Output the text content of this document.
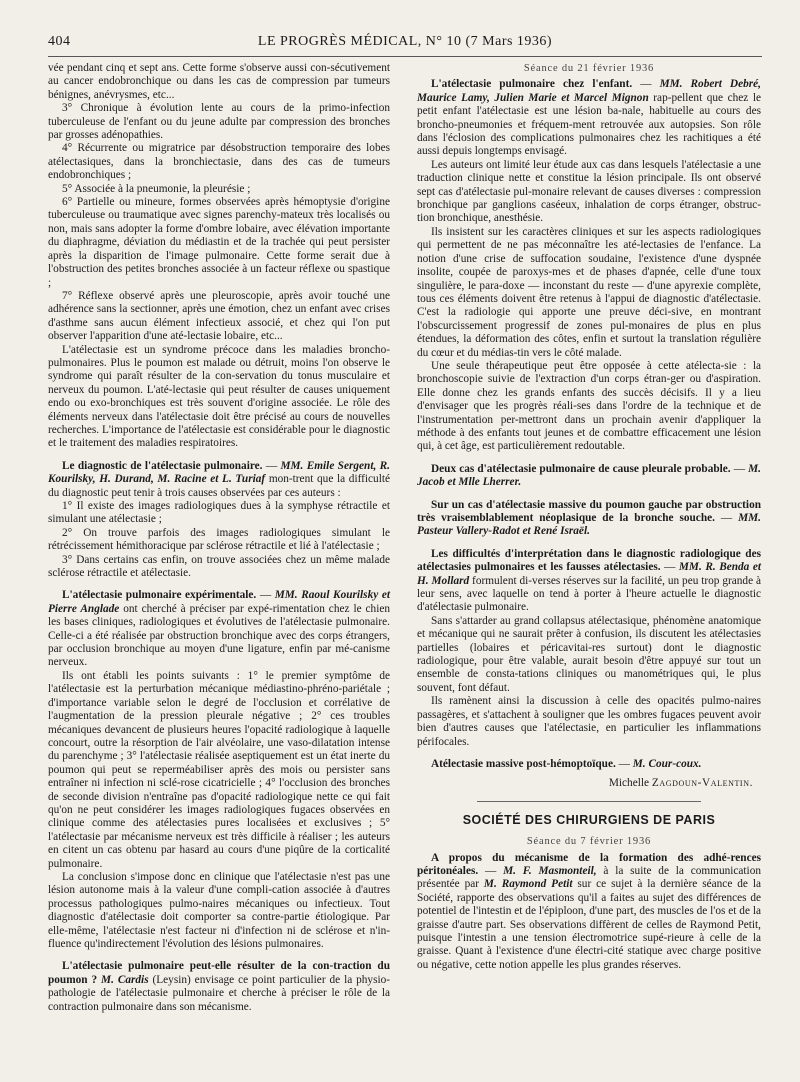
404	LE PROGRÈS MÉDICAL, N° 10 (7 Mars 1936)

vée pendant cinq et sept ans. Cette forme s'observe aussi con-sécutivement au cancer endobronchique ou dans les cas de compression par tumeurs bénignes, anévrysmes, etc...

3° Chronique à évolution lente au cours de la primo-infection tuberculeuse de l'enfant ou du jeune adulte par compression des bronches par grosses adénopathies.

4° Récurrente ou migratrice par désobstruction temporaire des lobes atélectasiques, dans la bronchiectasie, dans des cas de tumeurs endobronchiques ;

5° Associée à la pneumonie, la pleurésie ;

6° Partielle ou mineure, formes observées après hémoptysie d'origine tuberculeuse ou traumatique avec signes parenchy-mateux très localisés ou non, mais sans adopter la forme d'ombre lobaire, avec élévation importante du diaphragme, déviation du médiastin et de la trachée qui peut persister après la disparition de l'image pulmonaire. Cette forme serait due à l'obstruction des petites bronches associée à un facteur réflexe ou spastique ;

7° Réflexe observé après une pleuroscopie, après avoir touché une adhérence sans la sectionner, après une émotion, chez un enfant avec crises d'asthme sans aucun élément infectieux associé, et chez qui l'on put observer l'apparition d'une até-lectasie lobaire, etc...

L'atélectasie est un syndrome précoce dans les maladies broncho-pulmonaires. Plus le poumon est malade ou détruit, moins l'on observe le syndrome qui paraît résulter de la con-servation du tonus musculaire et nerveux du poumon. L'até-lectasie qui peut résulter de causes uniquement endo ou exo-bronchiques est très souvent d'origine associée. Le rôle des éléments nerveux dans l'atélectasie doit être précisé au cours de nouvelles recherches. L'importance de l'atélectasie est considérable pour le diagnostic et le traitement des maladies respiratoires.

Le diagnostic de l'atélectasie pulmonaire. — MM. Emile Sergent, R. Kourilsky, H. Durand, M. Racine et L. Turiaf mon-trent que la difficulté du diagnostic peut tenir à trois causes observées par ces auteurs :

1° Il existe des images radiologiques dues à la symphyse rétractile et simulant une atélectasie ;

2° On trouve parfois des images radiologiques simulant le rétrécissement hémithoracique par sclérose rétractile et lié à l'atélectasie ;

3° Dans certains cas enfin, on trouve associées chez un même malade sclérose rétractile et atélectasie.

L'atélectasie pulmonaire expérimentale. — MM. Raoul Kourilsky et Pierre Anglade ont cherché à préciser par expé-rimentation chez le chien les bases cliniques, radiologiques et évolutives de l'atélectasie pulmonaire. Celle-ci a été réalisée par obstruction bronchique avec des corps étrangers, par occlusion bronchique au moyen d'une ligature, enfin par mé-canisme nerveux.

Ils ont établi les points suivants : 1° le premier symptôme de l'atélectasie est la perturbation mécanique médiastino-phréno-pariétale ; d'importance variable selon le degré de l'occlusion et corrélative de l'augmentation de la pression pleurale négative ; 2° ces troubles mécaniques devancent de plusieurs heures l'opacité radiologique à laquelle concourt, outre la résorption de l'air alvéolaire, une vaso-dilatation intense du parenchyme ; 3° l'atélectasie réalisée aseptiquement est un état inerte du poumon qui peut se reperméabiliser après des mois ou persister sans entraîner ni infection ni sclé-rose cicatricielle ; 4° l'occlusion des bronches de seconde division n'entraîne pas d'opacité radiologique nette ce qui fait qu'on ne peut considérer les images radiologiques fugaces observées en clinique comme des atélectasies pures localisées et exclusives ; 5° l'atélectasie par mécanisme nerveux est très difficile à réaliser ; les auteurs en citent un cas obtenu par hasard au cours d'une piqûre de la corticalité pulmonaire.

La conclusion s'impose donc en clinique que l'atélectasie n'est pas une lésion autonome mais à la valeur d'une compli-cation associée à d'autres processus pathologiques pulmo-naires mécaniques ou infectieux. Tout diagnostic d'atélectasie doit comporter sa contre-partie étiologique. Par elle-même, l'atélectasie n'est facteur ni d'infection ni de sclérose et n'in-fluence qu'indirectement l'évolution des lésions pulmonaires.

L'atélectasie pulmonaire peut-elle résulter de la con-traction du poumon ? M. Cardis (Leysin) envisage ce point particulier de la physio-pathologie de l'atélectasie pulmonaire et cherche à préciser le rôle de la contraction pulmonaire dans son mécanisme.

Séance du 21 février 1936

L'atélectasie pulmonaire chez l'enfant. — MM. Robert Debré, Maurice Lamy, Julien Marie et Marcel Mignon rap-pellent que chez le petit enfant l'atélectasie est une lésion ba-nale, habituelle au cours des broncho-pneumonies et fréquem-ment retrouvée aux autopsies. Son rôle dans l'éclosion des complications pulmonaires chez les rachitiques a été aussi depuis longtemps envisagé.

Les auteurs ont limité leur étude aux cas dans lesquels l'atélectasie a une traduction clinique nette et constitue la lésion principale. Ils ont observé sept cas d'atélectasie pul-monaire relevant de causes diverses : compression bronchique par ganglions caséeux, inhalation de corps étranger, obstruc-tion bronchique, anesthésie.

Ils insistent sur les caractères cliniques et sur les aspects radiologiques qui permettent de ne pas méconnaître les até-lectasies de l'enfance. La notion d'une crise de suffocation soudaine, l'existence d'une dyspnée insolite, coupée de paroxys-mes et de phases d'apnée, celle d'une toux singulière, le para-doxe — inconstant du reste — d'une apyrexie complète, tous ces éléments doivent être retenus à l'appui de diagnostic d'atélectasie. C'est la radiologie qui apporte une preuve déci-sive, en montrant l'obscurcissement progressif de zones pul-monaires de plus en plus étendues, la déformation des côtes, enfin et surtout la translation régulière du cœur et du médias-tin vers le côté malade.

Une seule thérapeutique peut être opposée à cette atélecta-sie : la bronchoscopie suivie de l'extraction d'un corps étran-ger ou d'aspiration. Elle donne chez les grands enfants des succès décisifs. Il y a lieu d'envisager que les progrès réali-ses dans l'ordre de la technique et de l'instrumentation per-mettront dans un prochain avenir d'appliquer la méthode à des enfants tout jeunes et de combattre efficacement une lésion qui, à cet âge, est particulièrement redoutable.

Deux cas d'atélectasie pulmonaire de cause pleurale probable. — M. Jacob et Mlle Lherrer.

Sur un cas d'atélectasie massive du poumon gauche par obstruction très vraisemblablement néoplasique de la bronche souche. — MM. Pasteur Vallery-Radot et René Israël.

Les difficultés d'interprétation dans le diagnostic radiologique des atélectasies pulmonaires et les fausses atélectasies. — MM. R. Benda et H. Mollard formulent di-verses réserves sur la facilité, un peu trop grande à leur sens, avec laquelle on tend à porter à l'heure actuelle le diagnostic d'atélectasie pulmonaire.

Sans s'attarder au grand collapsus atélectasique, phénomène anatomique et mécanique qui ne saurait prêter à confusion, ils discutent les atélectasies partielles (lobaires et péricavitai-res surtout) dont le diagnostic radiologique, pour être valable, aurait besoin d'être appuyé sur tout un ensemble de consta-tations cliniques ou manométriques qui, le plus souvent, font défaut.

Ils ramènent ainsi la discussion à celle des opacités pulmo-naires passagères, et s'attachent à souligner que les ombres fugaces peuvent avoir bien d'autres causes que l'atélectasie, en particulier les inflammations périfocales.

Atélectasie massive post-hémoptoïque. — M. Cour-coux.

Michelle Zagdoun-Valentin.
SOCIÉTÉ DES CHIRURGIENS DE PARIS
Séance du 7 février 1936

A propos du mécanisme de la formation des adhé-rences péritonéales. — M. F. Masmonteil, à la suite de la communication présentée par M. Raymond Petit sur ce sujet à la dernière séance de la Société, rapporte des observations qu'il a faites au sujet des différences de potentiel de l'intestin et de l'épiploon, d'une part, des muscles de l'os et de la graisse d'autre part. Ses observations diffèrent de celles de Raymond Petit, puisque l'intestin a une tension électromotrice supé-rieure à celle de la graisse. Quant à l'existence d'une électri-cité statique avec charge positive ou négative, cette notion appelle les plus grandes réserves.
